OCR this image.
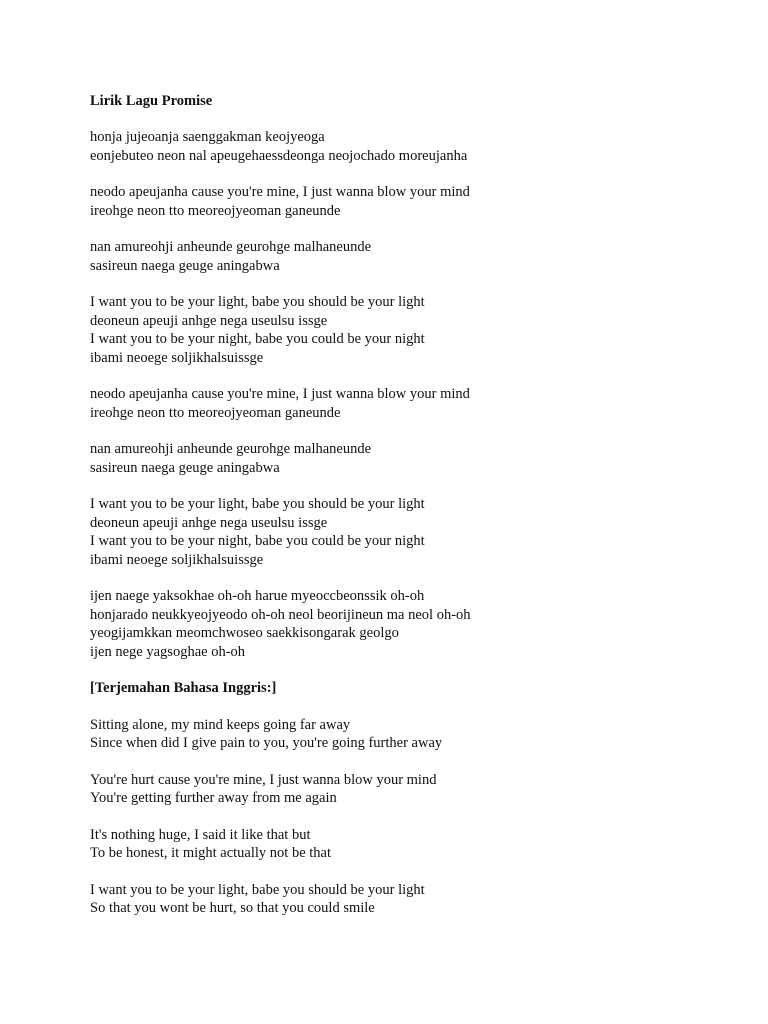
Lirik Lagu Promise
honja jujeoanja saenggakman keojyeoga
eonjebuteo neon nal apeugehaessdeonga neojochado moreujanha
neodo apeujanha cause you're mine, I just wanna blow your mind
ireohge neon tto meoreojyeoman ganeunde
nan amureohji anheunde geurohge malhaneunde
sasireun naega geuge aningabwa
I want you to be your light, babe you should be your light
deoneun apeuji anhge nega useulsu issge
I want you to be your night, babe you could be your night
ibami neoege soljikhalsuissge
neodo apeujanha cause you're mine, I just wanna blow your mind
ireohge neon tto meoreojyeoman ganeunde
nan amureohji anheunde geurohge malhaneunde
sasireun naega geuge aningabwa
I want you to be your light, babe you should be your light
deoneun apeuji anhge nega useulsu issge
I want you to be your night, babe you could be your night
ibami neoege soljikhalsuissge
ijen naege yaksokhae oh-oh harue myeoccbeonssik oh-oh
honjarado neukkyeojyeodo oh-oh neol beorijineun ma neol oh-oh
yeogijamkkan meomchwoseo saekkisongarak geolgo
ijen nege yagsoghae oh-oh
[Terjemahan Bahasa Inggris:]
Sitting alone, my mind keeps going far away
Since when did I give pain to you, you're going further away
You're hurt cause you're mine, I just wanna blow your mind
You're getting further away from me again
It's nothing huge, I said it like that but
To be honest, it might actually not be that
I want you to be your light, babe you should be your light
So that you wont be hurt, so that you could smile
